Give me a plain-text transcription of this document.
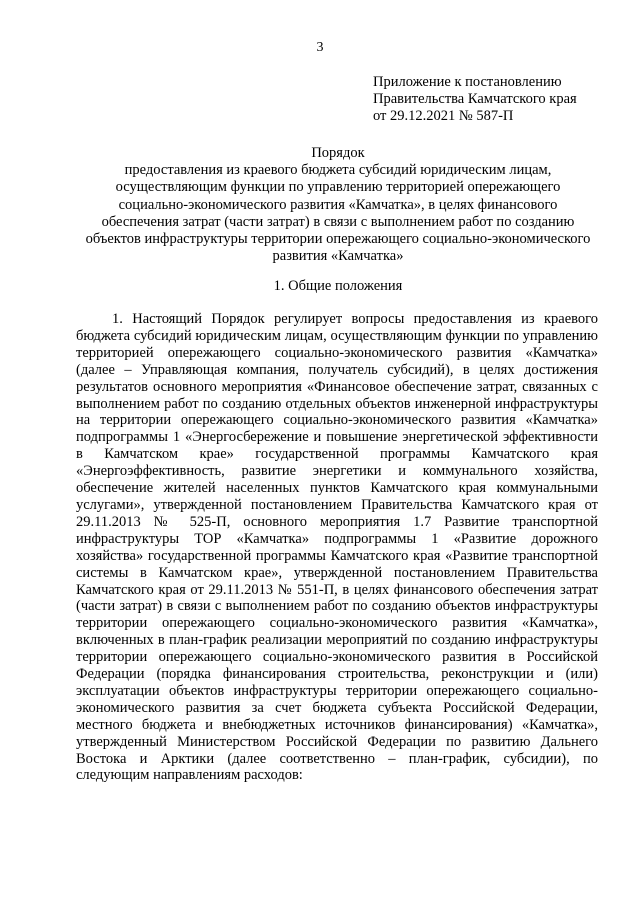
3
Приложение к постановлению
Правительства Камчатского края
от 29.12.2021 № 587-П
Порядок
предоставления из краевого бюджета субсидий юридическим лицам, осуществляющим функции по управлению территорией опережающего социально-экономического развития «Камчатка», в целях финансового обеспечения затрат (части затрат) в связи с выполнением работ по созданию объектов инфраструктуры территории опережающего социально-экономического развития «Камчатка»
1. Общие положения

1. Настоящий Порядок регулирует вопросы предоставления из краевого бюджета субсидий юридическим лицам, осуществляющим функции по управлению территорией опережающего социально-экономического развития «Камчатка» (далее – Управляющая компания, получатель субсидий), в целях достижения результатов основного мероприятия «Финансовое обеспечение затрат, связанных с выполнением работ по созданию отдельных объектов инженерной инфраструктуры на территории опережающего социально-экономического развития «Камчатка» подпрограммы 1 «Энергосбережение и повышение энергетической эффективности в Камчатском крае» государственной программы Камчатского края «Энергоэффективность, развитие энергетики и коммунального хозяйства, обеспечение жителей населенных пунктов Камчатского края коммунальными услугами», утвержденной постановлением Правительства Камчатского края от 29.11.2013 № 525-П, основного мероприятия 1.7 Развитие транспортной инфраструктуры ТОР «Камчатка» подпрограммы 1 «Развитие дорожного хозяйства» государственной программы Камчатского края «Развитие транспортной системы в Камчатском крае», утвержденной постановлением Правительства Камчатского края от 29.11.2013 № 551-П, в целях финансового обеспечения затрат (части затрат) в связи с выполнением работ по созданию объектов инфраструктуры территории опережающего социально-экономического развития «Камчатка», включенных в план-график реализации мероприятий по созданию инфраструктуры территории опережающего социально-экономического развития в Российской Федерации (порядка финансирования строительства, реконструкции и (или) эксплуатации объектов инфраструктуры территории опережающего социально-экономического развития за счет бюджета субъекта Российской Федерации, местного бюджета и внебюджетных источников финансирования) «Камчатка», утвержденный Министерством Российской Федерации по развитию Дальнего Востока и Арктики (далее соответственно – план-график, субсидии), по следующим направлениям расходов:
